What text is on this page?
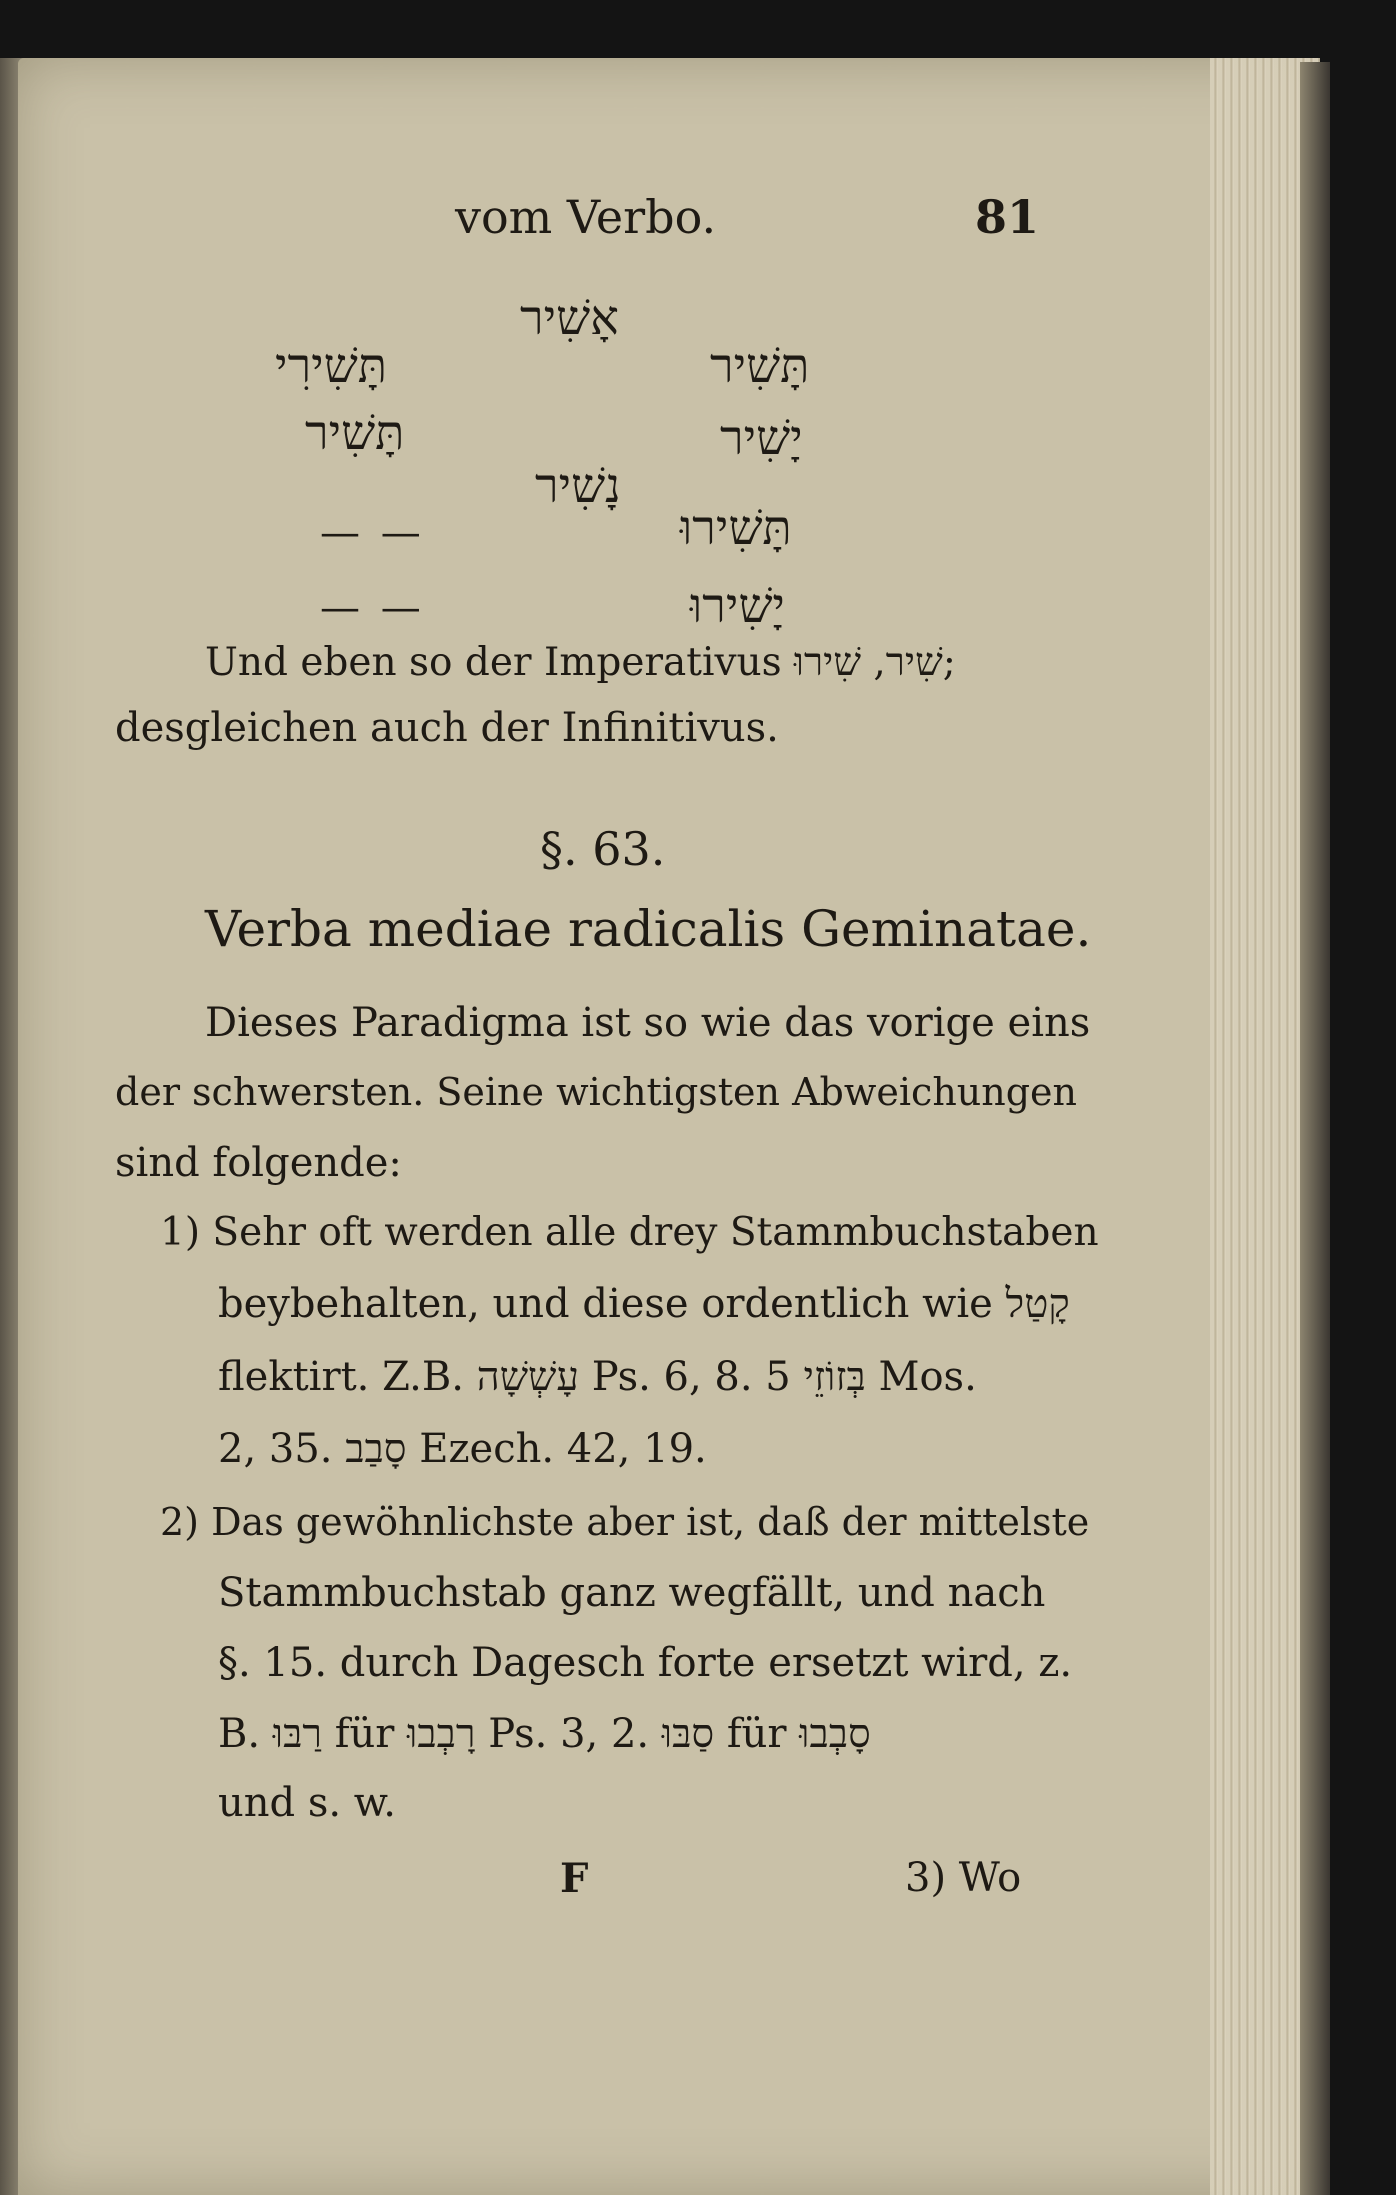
vom Verbo.	81
אָשִׁיר
תָּשִׁירִי	תָּשִׁיר
תָּשִׁיר	יָשִׁיר
נָשִׁיר
— —	תָּשִׁירוּ
— —	יָשִׁירוּ
Und eben so der Imperativus שִׁיר, שִׁירוּ;
desgleichen auch der Infinitivus.
§. 63.
Verba mediae radicalis Geminatae.
Dieses Paradigma ist so wie das vorige eins
der schwersten. Seine wichtigsten Abweichungen
sind folgende:
1) Sehr oft werden alle drey Stammbuchstaben
beybehalten, und diese ordentlich wie קָטַל
flektirt. Z.B. עָשְׁשָׁה Ps. 6, 8. בְּזוֹזֵי 5 Mos.
2, 35. סָבַב Ezech. 42, 19.
2) Das gewöhnlichste aber ist, daß der mittelste
Stammbuchstab ganz wegfällt, und nach
§. 15. durch Dagesch forte ersetzt wird, z.
B. רַבּוּ für רָבְבוּ Ps. 3, 2. סַבּוּ für סָבְבוּ
und s. w.
F	3) Wo
